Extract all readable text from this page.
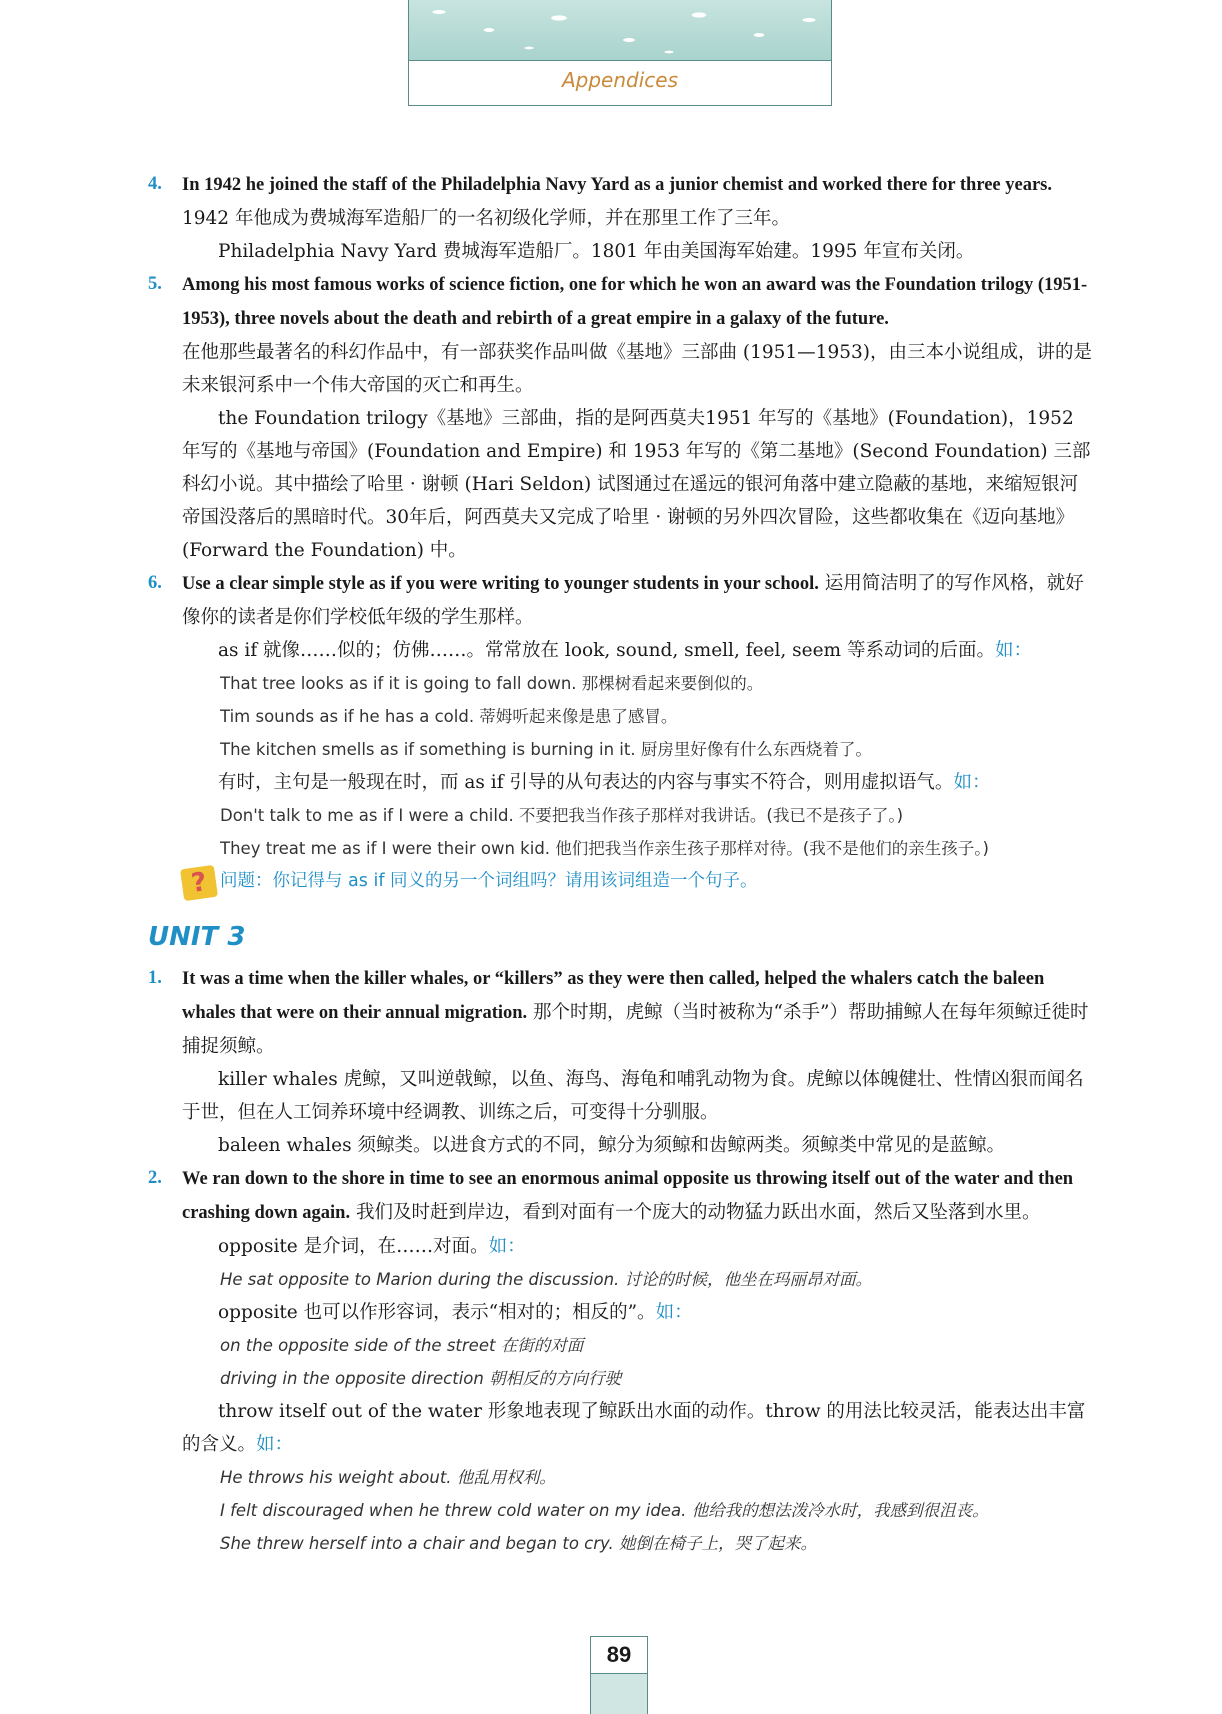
Appendices
4. In 1942 he joined the staff of the Philadelphia Navy Yard as a junior chemist and worked there for three years. 1942 年他成为费城海军造船厂的一名初级化学师，并在那里工作了三年。
Philadelphia Navy Yard 费城海军造船厂。1801 年由美国海军始建。1995 年宣布关闭。
5. Among his most famous works of science fiction, one for which he won an award was the Foundation trilogy (1951-1953), three novels about the death and rebirth of a great empire in a galaxy of the future.
在他那些最著名的科幻作品中，有一部获奖作品叫做《基地》三部曲 (1951—1953)，由三本小说组成，讲的是未来银河系中一个伟大帝国的灭亡和再生。
the Foundation trilogy《基地》三部曲，指的是阿西莫夫1951 年写的《基地》(Foundation)，1952 年写的《基地与帝国》(Foundation and Empire) 和 1953 年写的《第二基地》(Second Foundation) 三部科幻小说。其中描绘了哈里 · 谢顿 (Hari Seldon) 试图通过在遥远的银河角落中建立隐蔽的基地，来缩短银河帝国没落后的黑暗时代。30年后，阿西莫夫又完成了哈里 · 谢顿的另外四次冒险，这些都收集在《迈向基地》(Forward the Foundation) 中。
6. Use a clear simple style as if you were writing to younger students in your school. 运用简洁明了的写作风格，就好像你的读者是你们学校低年级的学生那样。
as if 就像……似的；仿佛……。常常放在 look, sound, smell, feel, seem 等系动词的后面。如：
That tree looks as if it is going to fall down. 那棵树看起来要倒似的。
Tim sounds as if he has a cold. 蒂姆听起来像是患了感冒。
The kitchen smells as if something is burning in it. 厨房里好像有什么东西烧着了。
有时，主句是一般现在时，而 as if 引导的从句表达的内容与事实不符合，则用虚拟语气。如：
Don't talk to me as if I were a child. 不要把我当作孩子那样对我讲话。(我已不是孩子了。)
They treat me as if I were their own kid. 他们把我当作亲生孩子那样对待。(我不是他们的亲生孩子。)
? 问题：你记得与 as if 同义的另一个词组吗？请用该词组造一个句子。
UNIT 3
1. It was a time when the killer whales, or “killers” as they were then called, helped the whalers catch the baleen whales that were on their annual migration. 那个时期，虎鲸（当时被称为“杀手”）帮助捕鲸人在每年须鲸迁徙时捕捉须鲸。
killer whales 虎鲸，又叫逆戟鲸，以鱼、海鸟、海龟和哺乳动物为食。虎鲸以体魄健壮、性情凶狠而闻名于世，但在人工饲养环境中经调教、训练之后，可变得十分驯服。
baleen whales 须鲸类。以进食方式的不同，鲸分为须鲸和齿鲸两类。须鲸类中常见的是蓝鲸。
2. We ran down to the shore in time to see an enormous animal opposite us throwing itself out of the water and then crashing down again. 我们及时赶到岸边，看到对面有一个庞大的动物猛力跃出水面，然后又坠落到水里。
opposite 是介词，在……对面。如：
He sat opposite to Marion during the discussion. 讨论的时候，他坐在玛丽昂对面。
opposite 也可以作形容词，表示“相对的；相反的”。如：
on the opposite side of the street 在街的对面
driving in the opposite direction 朝相反的方向行驶
throw itself out of the water 形象地表现了鲸跃出水面的动作。throw 的用法比较灵活，能表达出丰富的含义。如：
He throws his weight about. 他乱用权利。
I felt discouraged when he threw cold water on my idea. 他给我的想法泼冷水时，我感到很沮丧。
She threw herself into a chair and began to cry. 她倒在椅子上，哭了起来。
89
